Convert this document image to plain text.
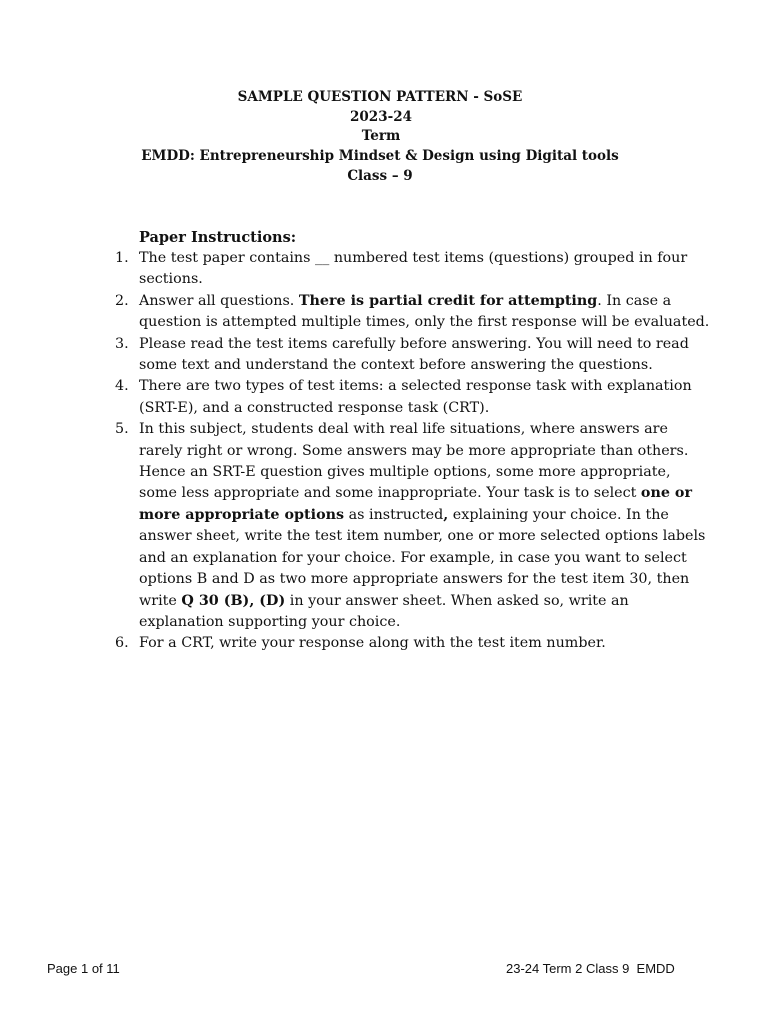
SAMPLE QUESTION PATTERN - SoSE
2023-24
Term
EMDD: Entrepreneurship Mindset & Design using Digital tools
Class – 9
Paper Instructions:
1. The test paper contains __ numbered test items (questions) grouped in four sections.
2. Answer all questions. There is partial credit for attempting. In case a question is attempted multiple times, only the first response will be evaluated.
3. Please read the test items carefully before answering. You will need to read some text and understand the context before answering the questions.
4. There are two types of test items: a selected response task with explanation (SRT-E), and a constructed response task (CRT).
5. In this subject, students deal with real life situations, where answers are rarely right or wrong. Some answers may be more appropriate than others. Hence an SRT-E question gives multiple options, some more appropriate, some less appropriate and some inappropriate. Your task is to select one or more appropriate options as instructed, explaining your choice. In the answer sheet, write the test item number, one or more selected options labels and an explanation for your choice. For example, in case you want to select options B and D as two more appropriate answers for the test item 30, then write Q 30 (B), (D) in your answer sheet. When asked so, write an explanation supporting your choice.
6. For a CRT, write your response along with the test item number.
Page 1 of 11	23-24 Term 2 Class 9  EMDD
